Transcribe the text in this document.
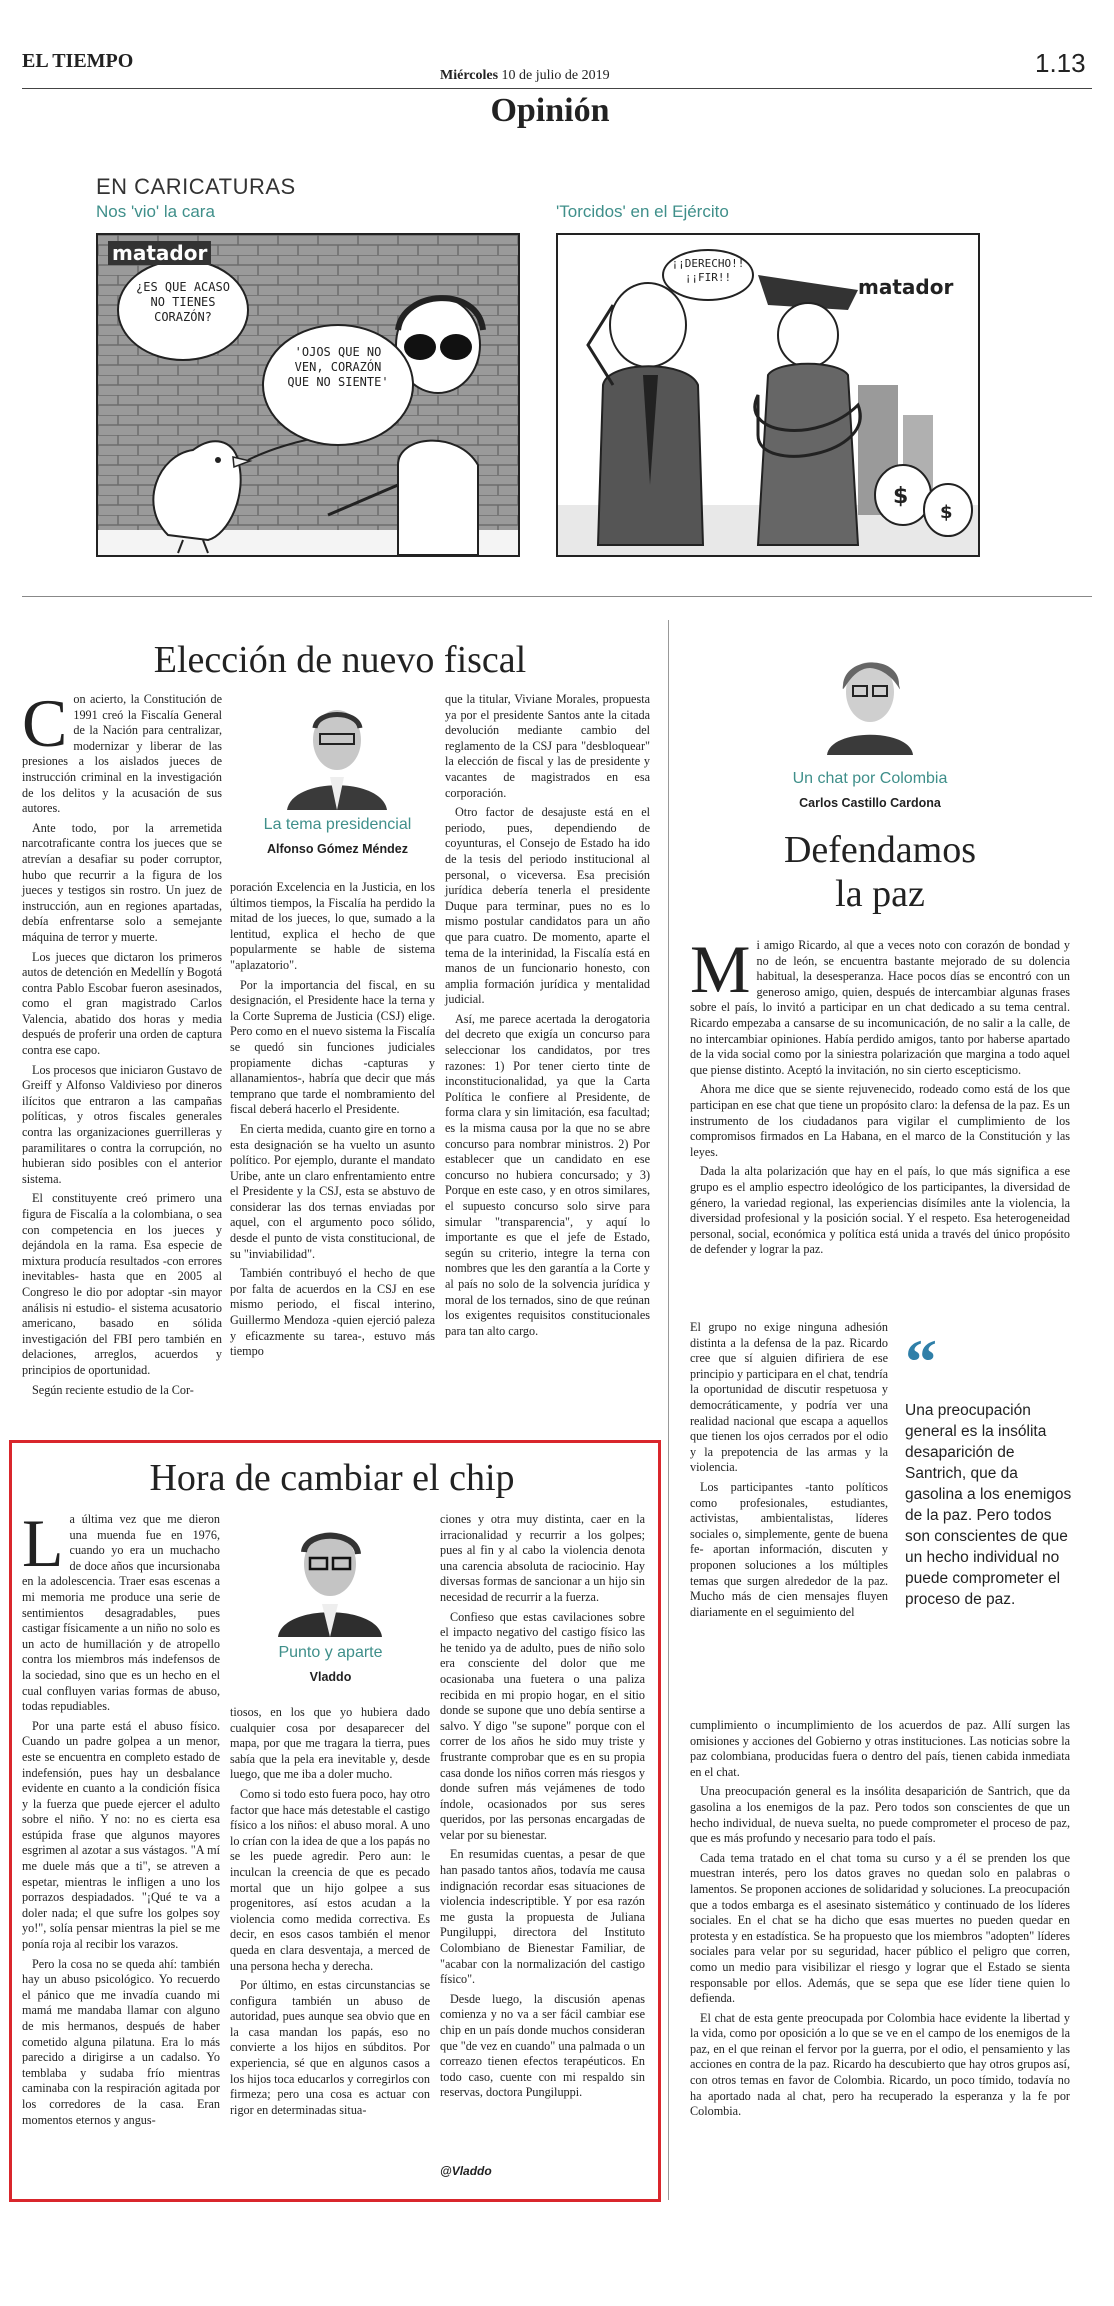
EL TIEMPO
Miércoles 10 de julio de 2019	1.13
Opinión
EN CARICATURAS
Nos 'vio' la cara	'Torcidos' en el Ejército
matador
¿ES QUE ACASO NO TIENES CORAZÓN?
'OJOS QUE NO VEN, CORAZÓN QUE NO SIENTE'
$
$
matador
¡¡DERECHO!! ¡¡FIR!!
Elección de nuevo fiscal
C on acierto, la Constitución de 1991 creó la Fiscalía General de la Nación para centralizar, modernizar y liberar de las presiones a los aislados jueces de instrucción criminal en la investigación de los delitos y la acusación de sus autores.

Ante todo, por la arremetida narcotraficante contra los jueces que se atrevían a desafiar su poder corruptor, hubo que recurrir a la figura de los jueces y testigos sin rostro. Un juez de instrucción, aun en regiones apartadas, debía enfrentarse solo a semejante máquina de terror y muerte.

Los jueces que dictaron los primeros autos de detención en Medellín y Bogotá contra Pablo Escobar fueron asesinados, como el gran magistrado Carlos Valencia, abatido dos horas y media después de proferir una orden de captura contra ese capo.

Los procesos que iniciaron Gustavo de Greiff y Alfonso Valdivieso por dineros ilícitos que entraron a las campañas políticas, y otros fiscales generales contra las organizaciones guerrilleras y paramilitares o contra la corrupción, no hubieran sido posibles con el anterior sistema.

El constituyente creó primero una figura de Fiscalía a la colombiana, o sea con competencia en los jueces y dejándola en la rama. Esa especie de mixtura producía resultados -con errores inevitables- hasta que en 2005 al Congreso le dio por adoptar -sin mayor análisis ni estudio- el sistema acusatorio americano, basado en sólida investigación del FBI pero también en delaciones, arreglos, acuerdos y principios de oportunidad.

Según reciente estudio de la Cor-

La tema presidencial
Alfonso Gómez Méndez

poración Excelencia en la Justicia, en los últimos tiempos, la Fiscalía ha perdido la mitad de los jueces, lo que, sumado a la lentitud, explica el hecho de que popularmente se hable de sistema "aplazatorio".

Por la importancia del fiscal, en su designación, el Presidente hace la terna y la Corte Suprema de Justicia (CSJ) elige. Pero como en el nuevo sistema la Fiscalía se quedó sin funciones judiciales propiamente dichas -capturas y allanamientos-, habría que decir que más temprano que tarde el nombramiento del fiscal deberá hacerlo el Presidente.

En cierta medida, cuanto gire en torno a esta designación se ha vuelto un asunto político. Por ejemplo, durante el mandato Uribe, ante un claro enfrentamiento entre el Presidente y la CSJ, esta se abstuvo de considerar las dos ternas enviadas por aquel, con el argumento poco sólido, desde el punto de vista constitucional, de su "inviabilidad".

También contribuyó el hecho de que por falta de acuerdos en la CSJ en ese mismo periodo, el fiscal interino, Guillermo Mendoza -quien ejerció paleza y eficazmente su tarea-, estuvo más tiempo

que la titular, Viviane Morales, propuesta ya por el presidente Santos ante la citada devolución mediante cambio del reglamento de la CSJ para "desbloquear" la elección de fiscal y las de presidente y vacantes de magistrados en esa corporación.

Otro factor de desajuste está en el periodo, pues, dependiendo de coyunturas, el Consejo de Estado ha ido de la tesis del periodo institucional al personal, o viceversa. Esa precisión jurídica debería tenerla el presidente Duque para terminar, pues no es lo mismo postular candidatos para un año que para cuatro. De momento, aparte el tema de la interinidad, la Fiscalía está en manos de un funcionario honesto, con amplia formación jurídica y mentalidad judicial.

Así, me parece acertada la derogatoria del decreto que exigía un concurso para seleccionar los candidatos, por tres razones: 1) Por tener cierto tinte de inconstitucionalidad, ya que la Carta Política le confiere al Presidente, de forma clara y sin limitación, esa facultad; es la misma causa por la que no se abre concurso para nombrar ministros. 2) Por establecer que un candidato en ese concurso no hubiera concursado; y 3) Porque en este caso, y en otros similares, el supuesto concurso solo sirve para simular "transparencia", y aquí lo importante es que el jefe de Estado, según su criterio, integre la terna con nombres que les den garantía a la Corte y al país no solo de la solvencia jurídica y moral de los ternados, sino de que reúnan los exigentes requisitos constitucionales para tan alto cargo.

Un chat por Colombia
Carlos Castillo Cardona
Defendamos
la paz
M i amigo Ricardo, al que a veces noto con corazón de bondad y no de león, se encuentra bastante mejorado de su dolencia habitual, la desesperanza. Hace pocos días se encontró con un generoso amigo, quien, después de intercambiar algunas frases sobre el país, lo invitó a participar en un chat dedicado a su tema central. Ricardo empezaba a cansarse de su incomunicación, de no salir a la calle, de no intercambiar opiniones. Había perdido amigos, tanto por haberse apartado de la vida social como por la siniestra polarización que margina a todo aquel que piense distinto. Aceptó la invitación, no sin cierto escepticismo.

Ahora me dice que se siente rejuvenecido, rodeado como está de los que participan en ese chat que tiene un propósito claro: la defensa de la paz. Es un instrumento de los ciudadanos para vigilar el cumplimiento de los compromisos firmados en La Habana, en el marco de la Constitución y las leyes.

Dada la alta polarización que hay en el país, lo que más significa a ese grupo es el amplio espectro ideológico de los participantes, la diversidad de género, la variedad regional, las experiencias disímiles ante la violencia, la diversidad profesional y la posición social. Y el respeto. Esa heterogeneidad personal, social, económica y política está unida a través del único propósito de defender y lograr la paz.

El grupo no exige ninguna adhesión distinta a la defensa de la paz. Ricardo cree que sí alguien difiriera de ese principio y participara en el chat, tendría la oportunidad de discutir respetuosa y democráticamente, y podría ver una realidad nacional que escapa a aquellos que tienen los ojos cerrados por el odio y la prepotencia de las armas y la violencia.

Los participantes -tanto políticos como profesionales, estudiantes, activistas, ambientalistas, líderes sociales o, simplemente, gente de buena fe- aportan información, discuten y proponen soluciones a los múltiples temas que surgen alrededor de la paz. Mucho más de cien mensajes fluyen diariamente en el seguimiento del

“
Una preocupación general es la insólita desaparición de Santrich, que da gasolina a los enemigos de la paz. Pero todos son conscientes de que un hecho individual no puede comprometer el proceso de paz.

cumplimiento o incumplimiento de los acuerdos de paz. Allí surgen las omisiones y acciones del Gobierno y otras instituciones. Las noticias sobre la paz colombiana, producidas fuera o dentro del país, tienen cabida inmediata en el chat.

Una preocupación general es la insólita desaparición de Santrich, que da gasolina a los enemigos de la paz. Pero todos son conscientes de que un hecho individual, de nueva suelta, no puede comprometer el proceso de paz, que es más profundo y necesario para todo el país.

Cada tema tratado en el chat toma su curso y a él se prenden los que muestran interés, pero los datos graves no quedan solo en palabras o lamentos. Se proponen acciones de solidaridad y soluciones. La preocupación que a todos embarga es el asesinato sistemático y continuado de los líderes sociales. En el chat se ha dicho que esas muertes no pueden quedar en protesta y en estadística. Se ha propuesto que los miembros "adopten" líderes sociales para velar por su seguridad, hacer público el peligro que corren, como un medio para visibilizar el riesgo y lograr que el Estado se sienta responsable por ellos. Además, que se sepa que ese líder tiene quien lo defienda.

El chat de esta gente preocupada por Colombia hace evidente la libertad y la vida, como por oposición a lo que se ve en el campo de los enemigos de la paz, en el que reinan el fervor por la guerra, por el odio, el pensamiento y las acciones en contra de la paz. Ricardo ha descubierto que hay otros grupos así, con otros temas en favor de Colombia. Ricardo, un poco tímido, todavía no ha aportado nada al chat, pero ha recuperado la esperanza y la fe por Colombia.

Hora de cambiar el chip
L a última vez que me dieron una muenda fue en 1976, cuando yo era un muchacho de doce años que incursionaba en la adolescencia. Traer esas escenas a mi memoria me produce una serie de sentimientos desagradables, pues castigar físicamente a un niño no solo es un acto de humillación y de atropello contra los miembros más indefensos de la sociedad, sino que es un hecho en el cual confluyen varias formas de abuso, todas repudiables.

Por una parte está el abuso físico. Cuando un padre golpea a un menor, este se encuentra en completo estado de indefensión, pues hay un desbalance evidente en cuanto a la condición física y la fuerza que puede ejercer el adulto sobre el niño. Y no: no es cierta esa estúpida frase que algunos mayores esgrimen al azotar a sus vástagos. "A mí me duele más que a ti", se atreven a espetar, mientras le infligen a uno los porrazos despiadados. "¡Qué te va a doler nada; el que sufre los golpes soy yo!", solía pensar mientras la piel se me ponía roja al recibir los varazos.

Pero la cosa no se queda ahí: también hay un abuso psicológico. Yo recuerdo el pánico que me invadía cuando mi mamá me mandaba llamar con alguno de mis hermanos, después de haber cometido alguna pilatuna. Era lo más parecido a dirigirse a un cadalso. Yo temblaba y sudaba frío mientras caminaba con la respiración agitada por los corredores de la casa. Eran momentos eternos y angus-

Punto y aparte
Vladdo

tiosos, en los que yo hubiera dado cualquier cosa por desaparecer del mapa, por que me tragara la tierra, pues sabía que la pela era inevitable y, desde luego, que me iba a doler mucho.

Como si todo esto fuera poco, hay otro factor que hace más detestable el castigo físico a los niños: el abuso moral. A uno lo crían con la idea de que a los papás no se les puede agredir. Pero aun: le inculcan la creencia de que es pecado mortal que un hijo golpee a sus progenitores, así estos acudan a la violencia como medida correctiva. Es decir, en esos casos también el menor queda en clara desventaja, a merced de una persona hecha y derecha.

Por último, en estas circunstancias se configura también un abuso de autoridad, pues aunque sea obvio que en la casa mandan los papás, eso no convierte a los hijos en súbditos. Por experiencia, sé que en algunos casos a los hijos toca educarlos y corregirlos con firmeza; pero una cosa es actuar con rigor en determinadas situa-

ciones y otra muy distinta, caer en la irracionalidad y recurrir a los golpes; pues al fin y al cabo la violencia denota una carencia absoluta de raciocinio. Hay diversas formas de sancionar a un hijo sin necesidad de recurrir a la fuerza.

Confieso que estas cavilaciones sobre el impacto negativo del castigo físico las he tenido ya de adulto, pues de niño solo era consciente del dolor que me ocasionaba una fuetera o una paliza recibida en mi propio hogar, en el sitio donde se supone que uno debía sentirse a salvo. Y digo "se supone" porque con el correr de los años he sido muy triste y frustrante comprobar que es en su propia casa donde los niños corren más riesgos y donde sufren más vejámenes de todo índole, ocasionados por sus seres queridos, por las personas encargadas de velar por su bienestar.

En resumidas cuentas, a pesar de que han pasado tantos años, todavía me causa indignación recordar esas situaciones de violencia indescriptible. Y por esa razón me gusta la propuesta de Juliana Pungiluppi, directora del Instituto Colombiano de Bienestar Familiar, de "acabar con la normalización del castigo físico".

Desde luego, la discusión apenas comienza y no va a ser fácil cambiar ese chip en un país donde muchos consideran que "de vez en cuando" una palmada o un correazo tienen efectos terapéuticos. En todo caso, cuente con mi respaldo sin reservas, doctora Pungiluppi.

@Vladdo
